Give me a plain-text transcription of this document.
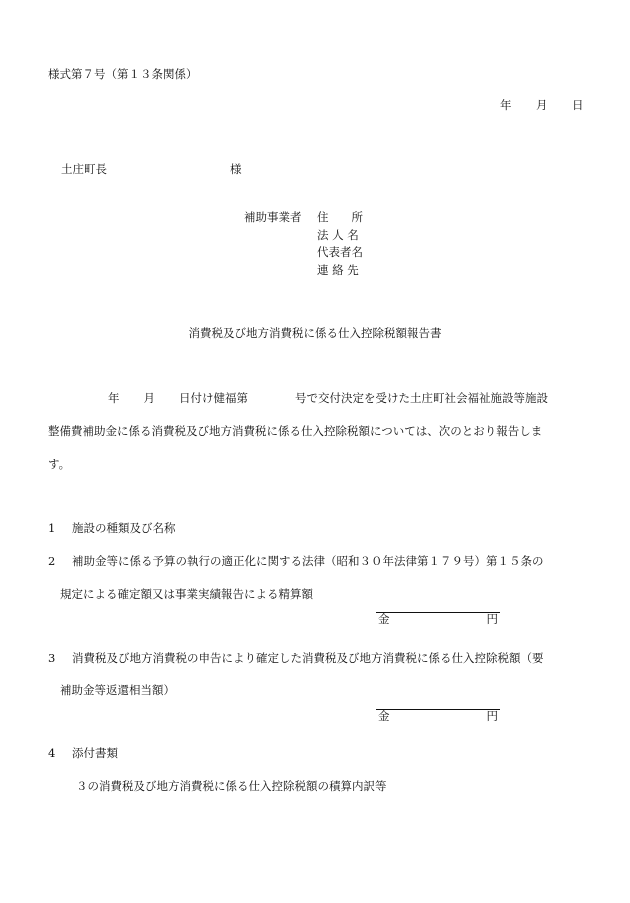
様式第７号（第１３条関係）
年 月 日
土庄町長	様
補助事業者 住　　所
法 人 名
代表者名
連 絡 先
消費税及び地方消費税に係る仕入控除税額報告書
年 月 日付け健福第	号で交付決定を受けた土庄町社会福祉施設等施設
整備費補助金に係る消費税及び地方消費税に係る仕入控除税額については、次のとおり報告しま
す。
1 施設の種類及び名称
2 補助金等に係る予算の執行の適正化に関する法律（昭和３０年法律第１７９号）第１５条の
規定による確定額又は事業実績報告による精算額
金	円
3 消費税及び地方消費税の申告により確定した消費税及び地方消費税に係る仕入控除税額（要
補助金等返還相当額）
金	円
4 添付書類
３の消費税及び地方消費税に係る仕入控除税額の積算内訳等
